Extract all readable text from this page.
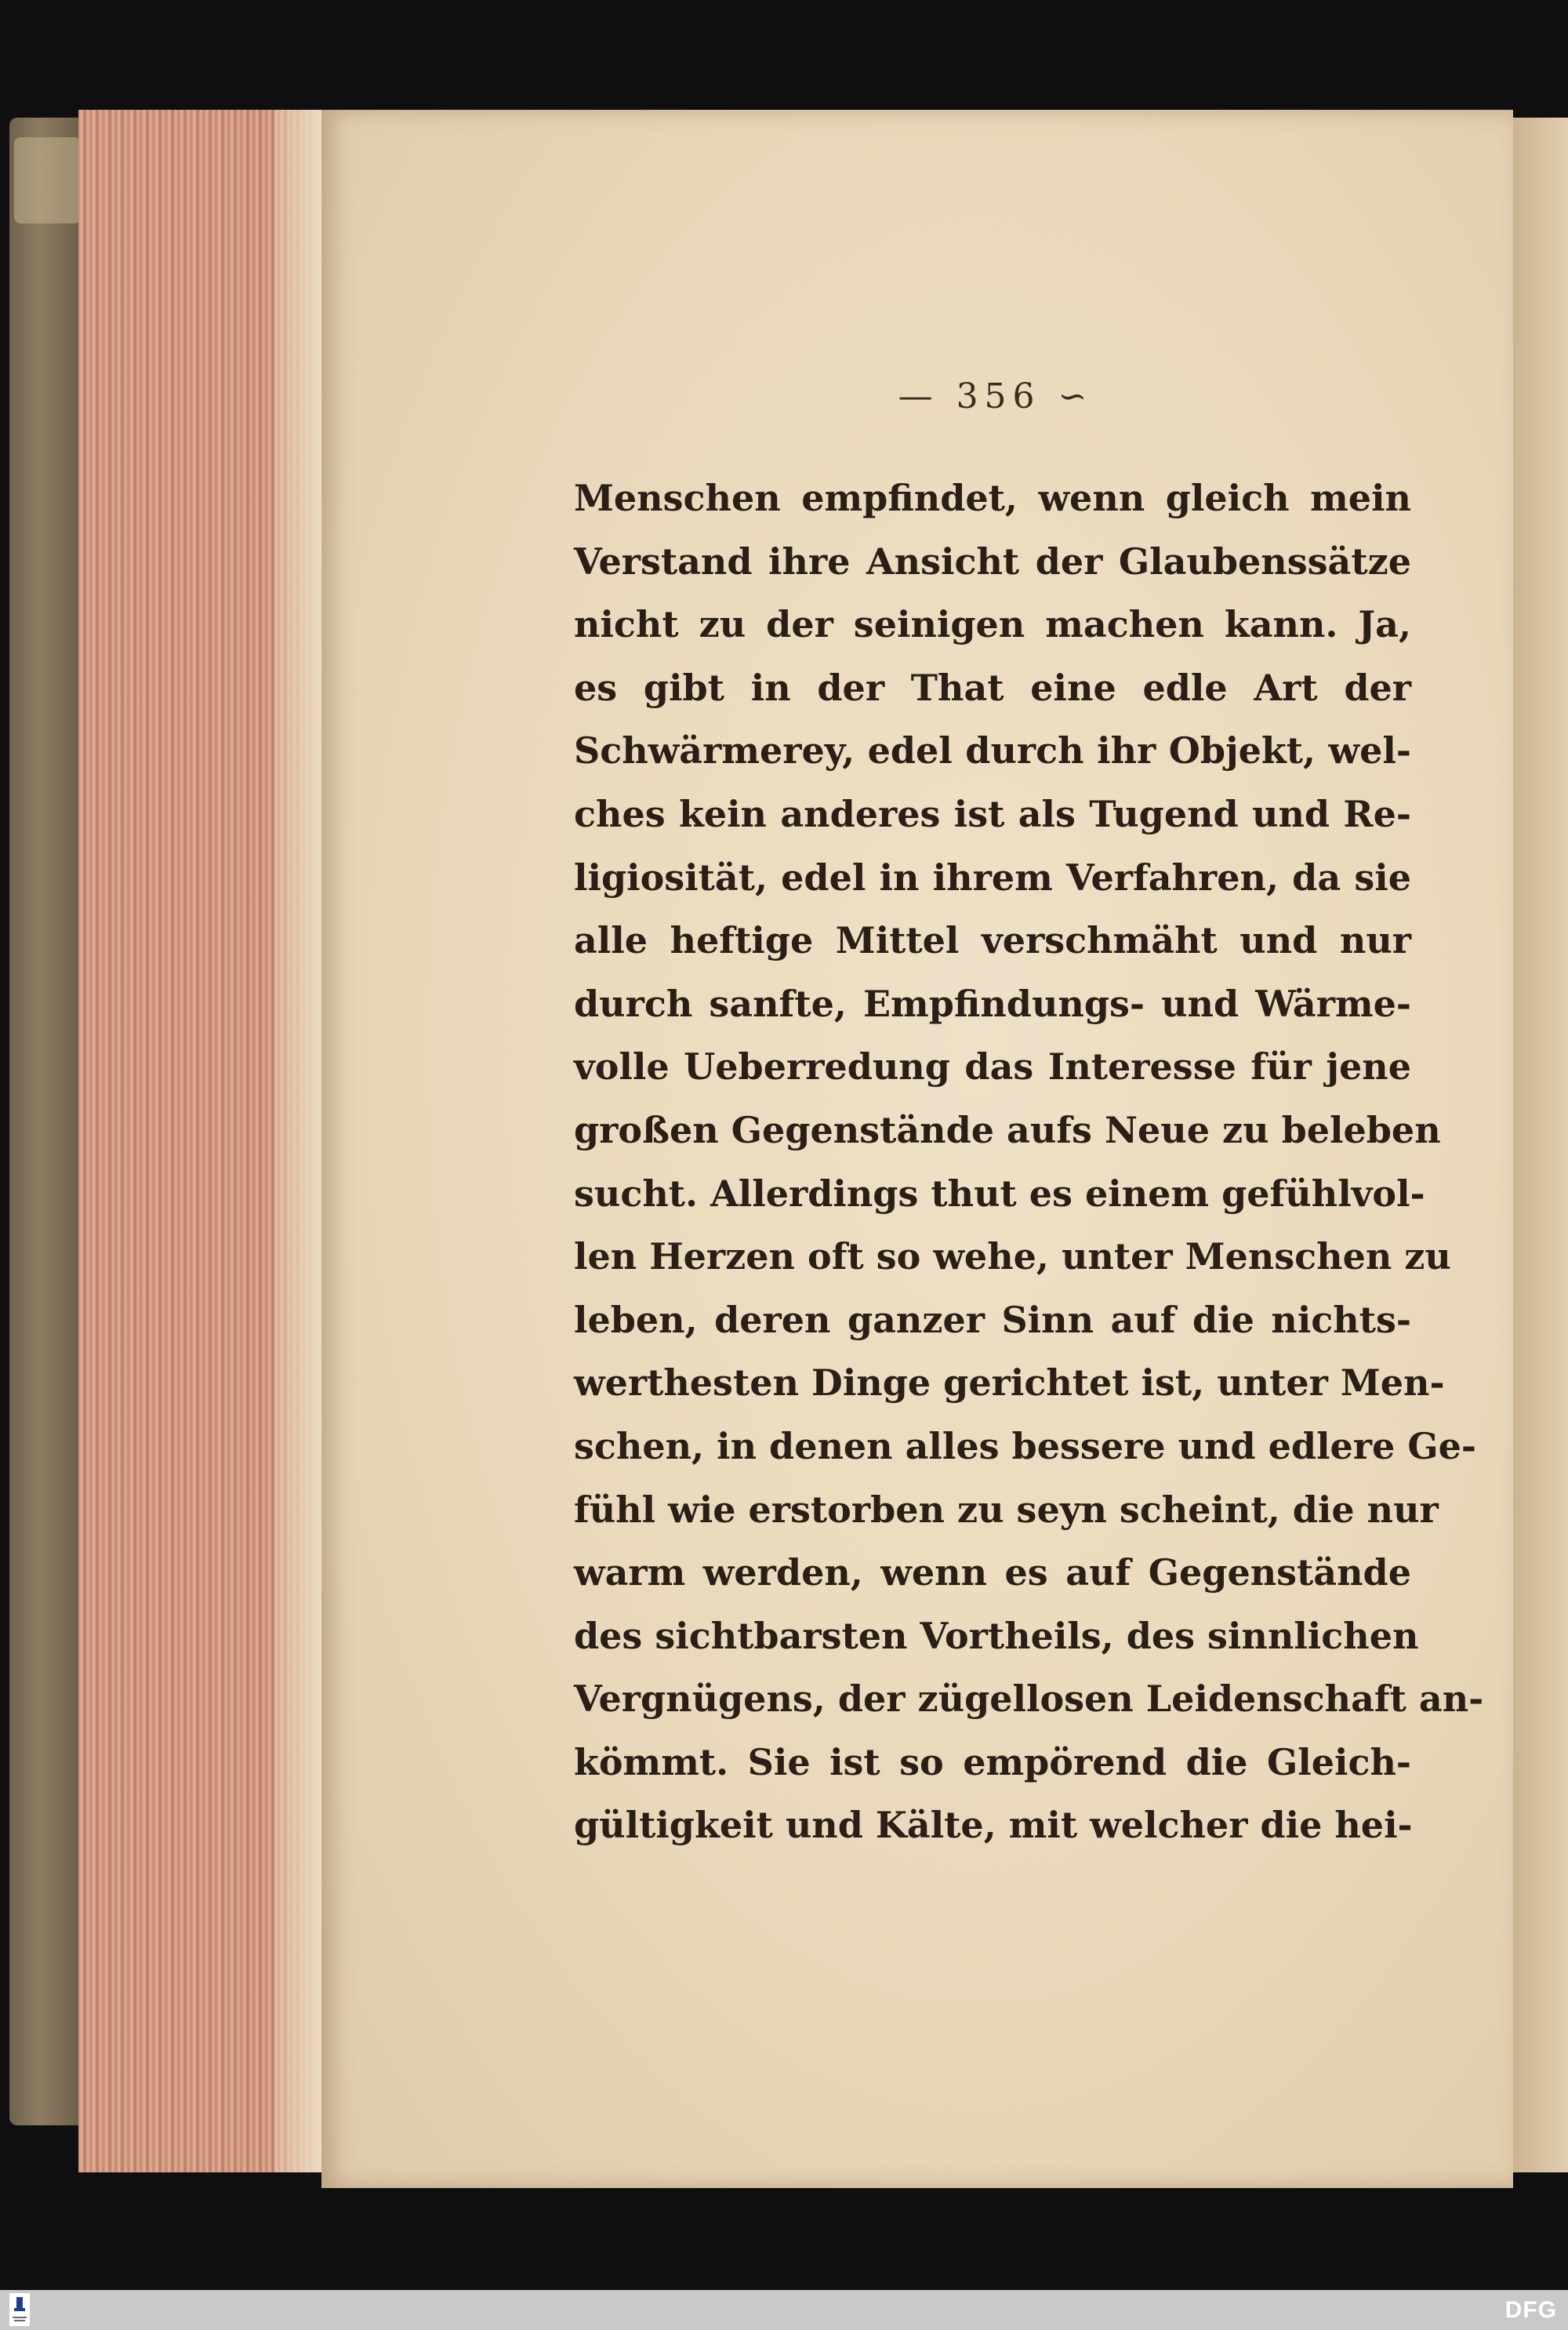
— 356 ∽
Menschen empfindet, wenn gleich mein
Verstand ihre Ansicht der Glaubenssätze
nicht zu der seinigen machen kann. Ja,
es gibt in der That eine edle Art der
Schwärmerey, edel durch ihr Objekt, wel-
ches kein anderes ist als Tugend und Re-
ligiosität, edel in ihrem Verfahren, da sie
alle heftige Mittel verschmäht und nur
durch sanfte, Empfindungs- und Wärme-
volle Ueberredung das Interesse für jene
großen Gegenstände aufs Neue zu beleben
sucht. Allerdings thut es einem gefühlvol-
len Herzen oft so wehe, unter Menschen zu
leben, deren ganzer Sinn auf die nichts-
werthesten Dinge gerichtet ist, unter Men-
schen, in denen alles bessere und edlere Ge-
fühl wie erstorben zu seyn scheint, die nur
warm werden, wenn es auf Gegenstände
des sichtbarsten Vortheils, des sinnlichen
Vergnügens, der zügellosen Leidenschaft an-
kömmt. Sie ist so empörend die Gleich-
gültigkeit und Kälte, mit welcher die hei-
DFG
